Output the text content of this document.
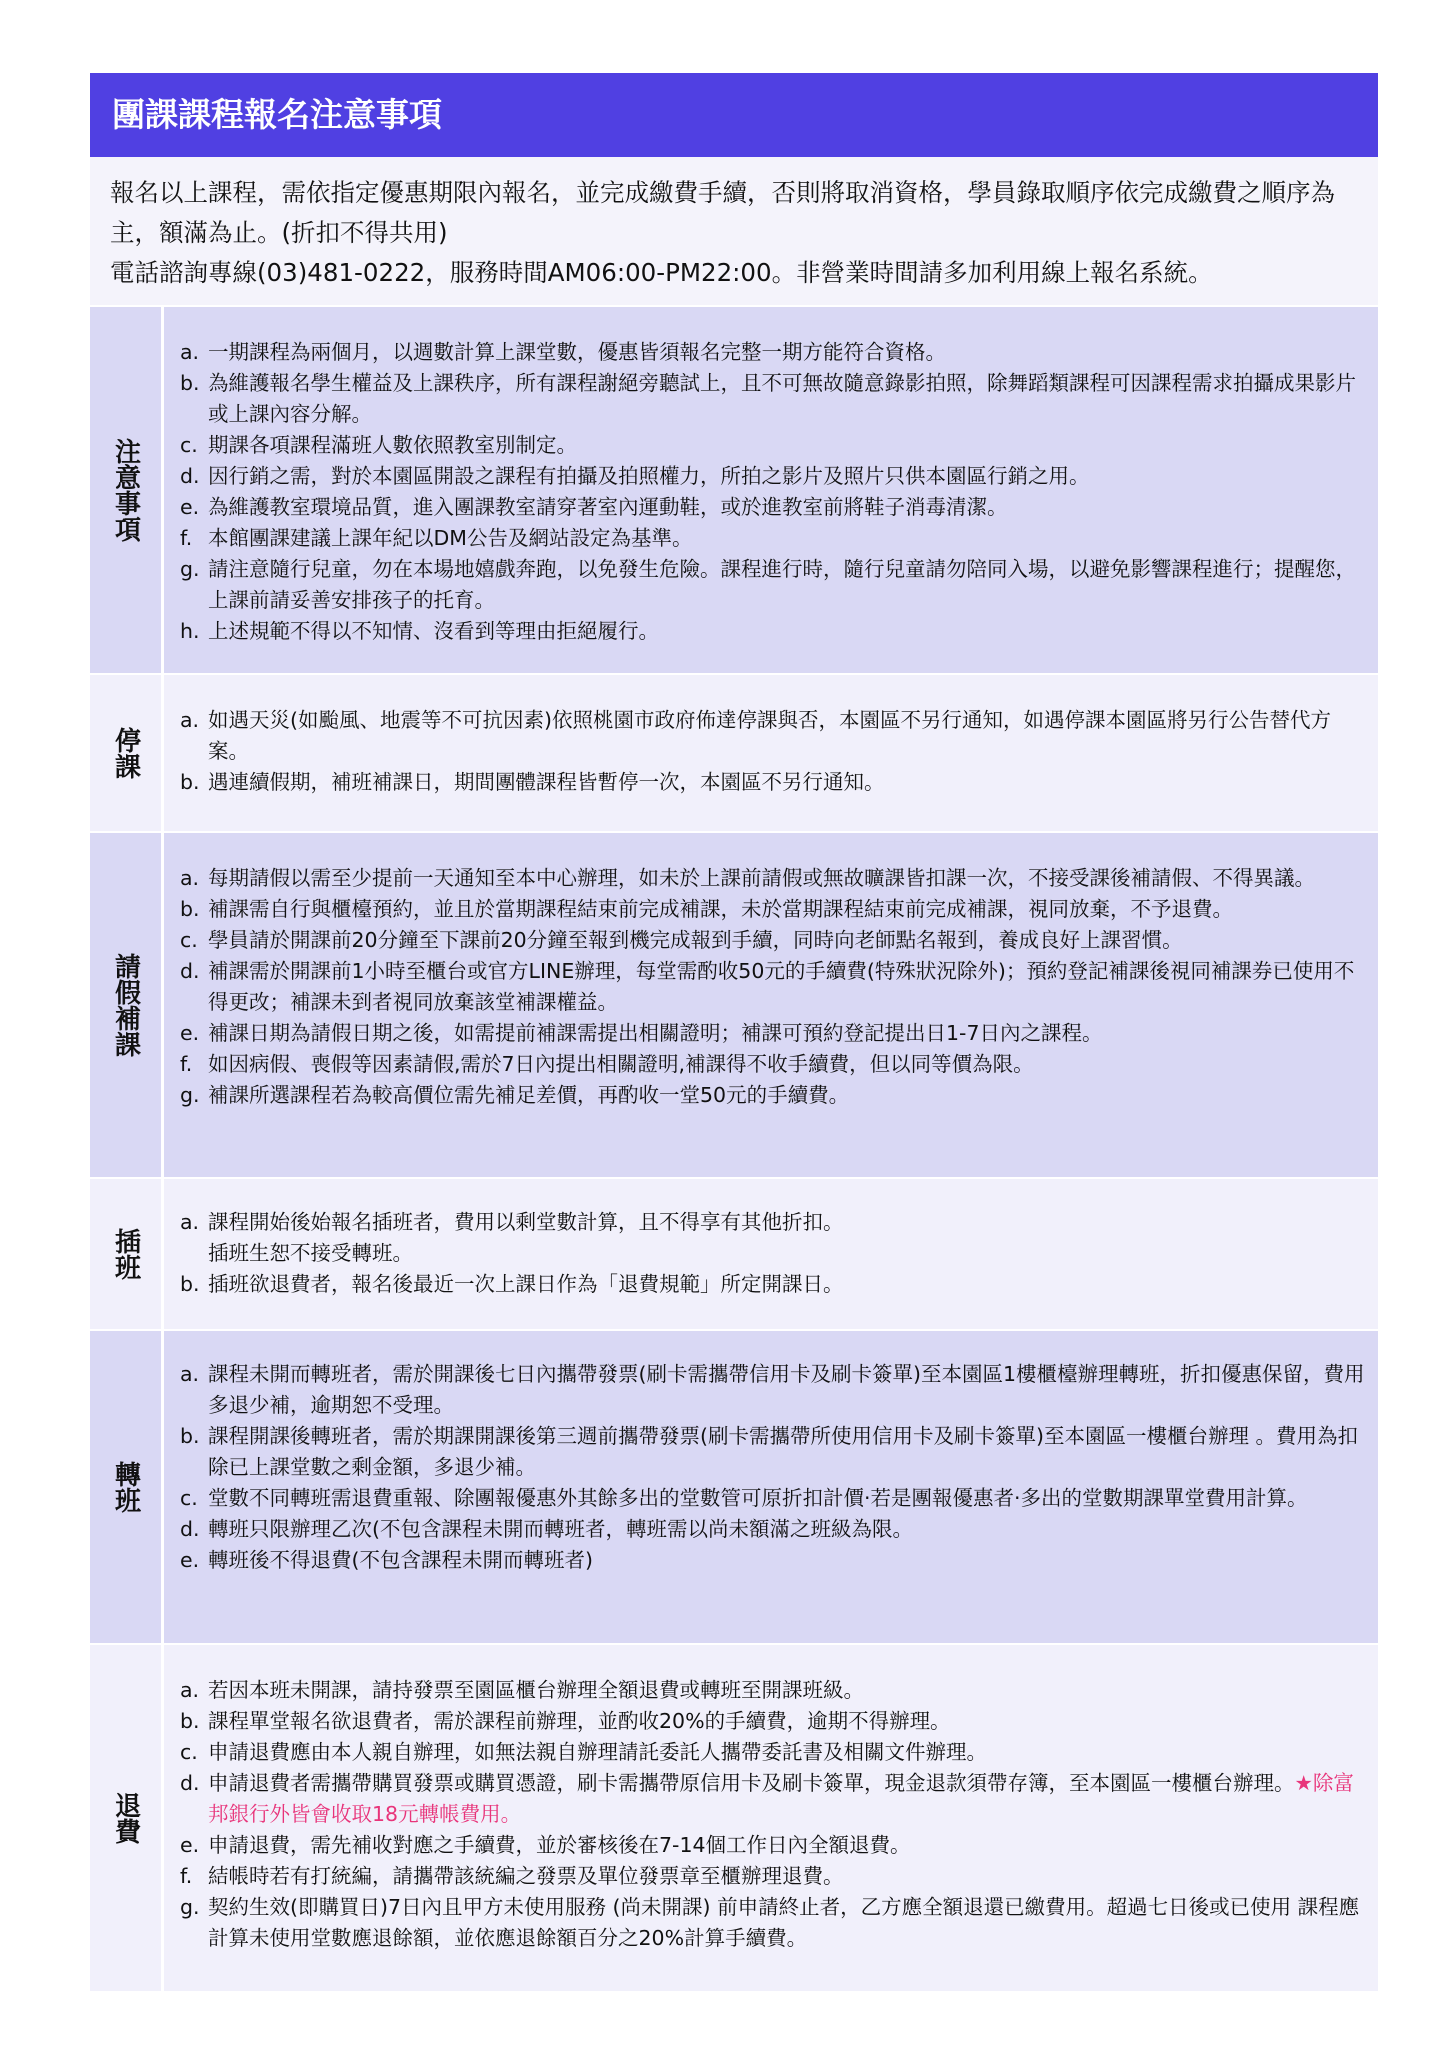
團課課程報名注意事項

報名以上課程，需依指定優惠期限內報名，並完成繳費手續，否則將取消資格，學員錄取順序依完成繳費之順序為主，額滿為止。(折扣不得共用)

電話諮詢專線(03)481-0222，服務時間AM06:00-PM22:00。非營業時間請多加利用線上報名系統。

注意事項
a. 一期課程為兩個月，以週數計算上課堂數，優惠皆須報名完整一期方能符合資格。
b. 為維護報名學生權益及上課秩序，所有課程謝絕旁聽試上，且不可無故隨意錄影拍照，除舞蹈類課程可因課程需求拍攝成果影片或上課內容分解。
c. 期課各項課程滿班人數依照教室別制定。
d. 因行銷之需，對於本園區開設之課程有拍攝及拍照權力，所拍之影片及照片只供本園區行銷之用。
e. 為維護教室環境品質，進入團課教室請穿著室內運動鞋，或於進教室前將鞋子消毒清潔。
f. 本館團課建議上課年紀以DM公告及網站設定為基準。
g. 請注意隨行兒童，勿在本場地嬉戲奔跑，以免發生危險。課程進行時，隨行兒童請勿陪同入場，以避免影響課程進行；提醒您，上課前請妥善安排孩子的托育。
h. 上述規範不得以不知情、沒看到等理由拒絕履行。
停課
a. 如遇天災(如颱風、地震等不可抗因素)依照桃園市政府佈達停課與否，本園區不另行通知，如遇停課本園區將另行公告替代方案。
b. 遇連續假期，補班補課日，期間團體課程皆暫停一次，本園區不另行通知。
請假補課
a. 每期請假以需至少提前一天通知至本中心辦理，如未於上課前請假或無故曠課皆扣課一次，不接受課後補請假、不得異議。
b. 補課需自行與櫃檯預約，並且於當期課程結束前完成補課，未於當期課程結束前完成補課，視同放棄，不予退費。
c. 學員請於開課前20分鐘至下課前20分鐘至報到機完成報到手續，同時向老師點名報到，養成良好上課習慣。
d. 補課需於開課前1小時至櫃台或官方LINE辦理，每堂需酌收50元的手續費(特殊狀況除外)；預約登記補課後視同補課券已使用不得更改；補課未到者視同放棄該堂補課權益。
e. 補課日期為請假日期之後，如需提前補課需提出相關證明；補課可預約登記提出日1-7日內之課程。
f. 如因病假、喪假等因素請假,需於7日內提出相關證明,補課得不收手續費，但以同等價為限。
g. 補課所選課程若為較高價位需先補足差價，再酌收一堂50元的手續費。
插班
a. 課程開始後始報名插班者，費用以剩堂數計算，且不得享有其他折扣。
插班生恕不接受轉班。
b. 插班欲退費者，報名後最近一次上課日作為「退費規範」所定開課日。
轉班
a. 課程未開而轉班者，需於開課後七日內攜帶發票(刷卡需攜帶信用卡及刷卡簽單)至本園區1樓櫃檯辦理轉班，折扣優惠保留，費用多退少補，逾期恕不受理。
b. 課程開課後轉班者，需於期課開課後第三週前攜帶發票(刷卡需攜帶所使用信用卡及刷卡簽單)至本園區一樓櫃台辦理 。費用為扣除已上課堂數之剩金額，多退少補。
c. 堂數不同轉班需退費重報、除團報優惠外其餘多出的堂數管可原折扣計價·若是團報優惠者·多出的堂數期課單堂費用計算。
d. 轉班只限辦理乙次(不包含課程未開而轉班者，轉班需以尚未額滿之班級為限。
e. 轉班後不得退費(不包含課程未開而轉班者)
退費
a. 若因本班未開課，請持發票至園區櫃台辦理全額退費或轉班至開課班級。
b. 課程單堂報名欲退費者，需於課程前辦理，並酌收20%的手續費，逾期不得辦理。
c. 申請退費應由本人親自辦理，如無法親自辦理請託委託人攜帶委託書及相關文件辦理。
d. 申請退費者需攜帶購買發票或購買憑證，刷卡需攜帶原信用卡及刷卡簽單，現金退款須帶存簿，至本園區一樓櫃台辦理。★除富邦銀行外皆會收取18元轉帳費用。
e. 申請退費，需先補收對應之手續費，並於審核後在7-14個工作日內全額退費。
f. 結帳時若有打統編，請攜帶該統編之發票及單位發票章至櫃辦理退費。
g. 契約生效(即購買日)7日內且甲方未使用服務 (尚未開課) 前申請終止者，乙方應全額退還已繳費用。超過七日後或已使用 課程應計算未使用堂數應退餘額，並依應退餘額百分之20%計算手續費。
